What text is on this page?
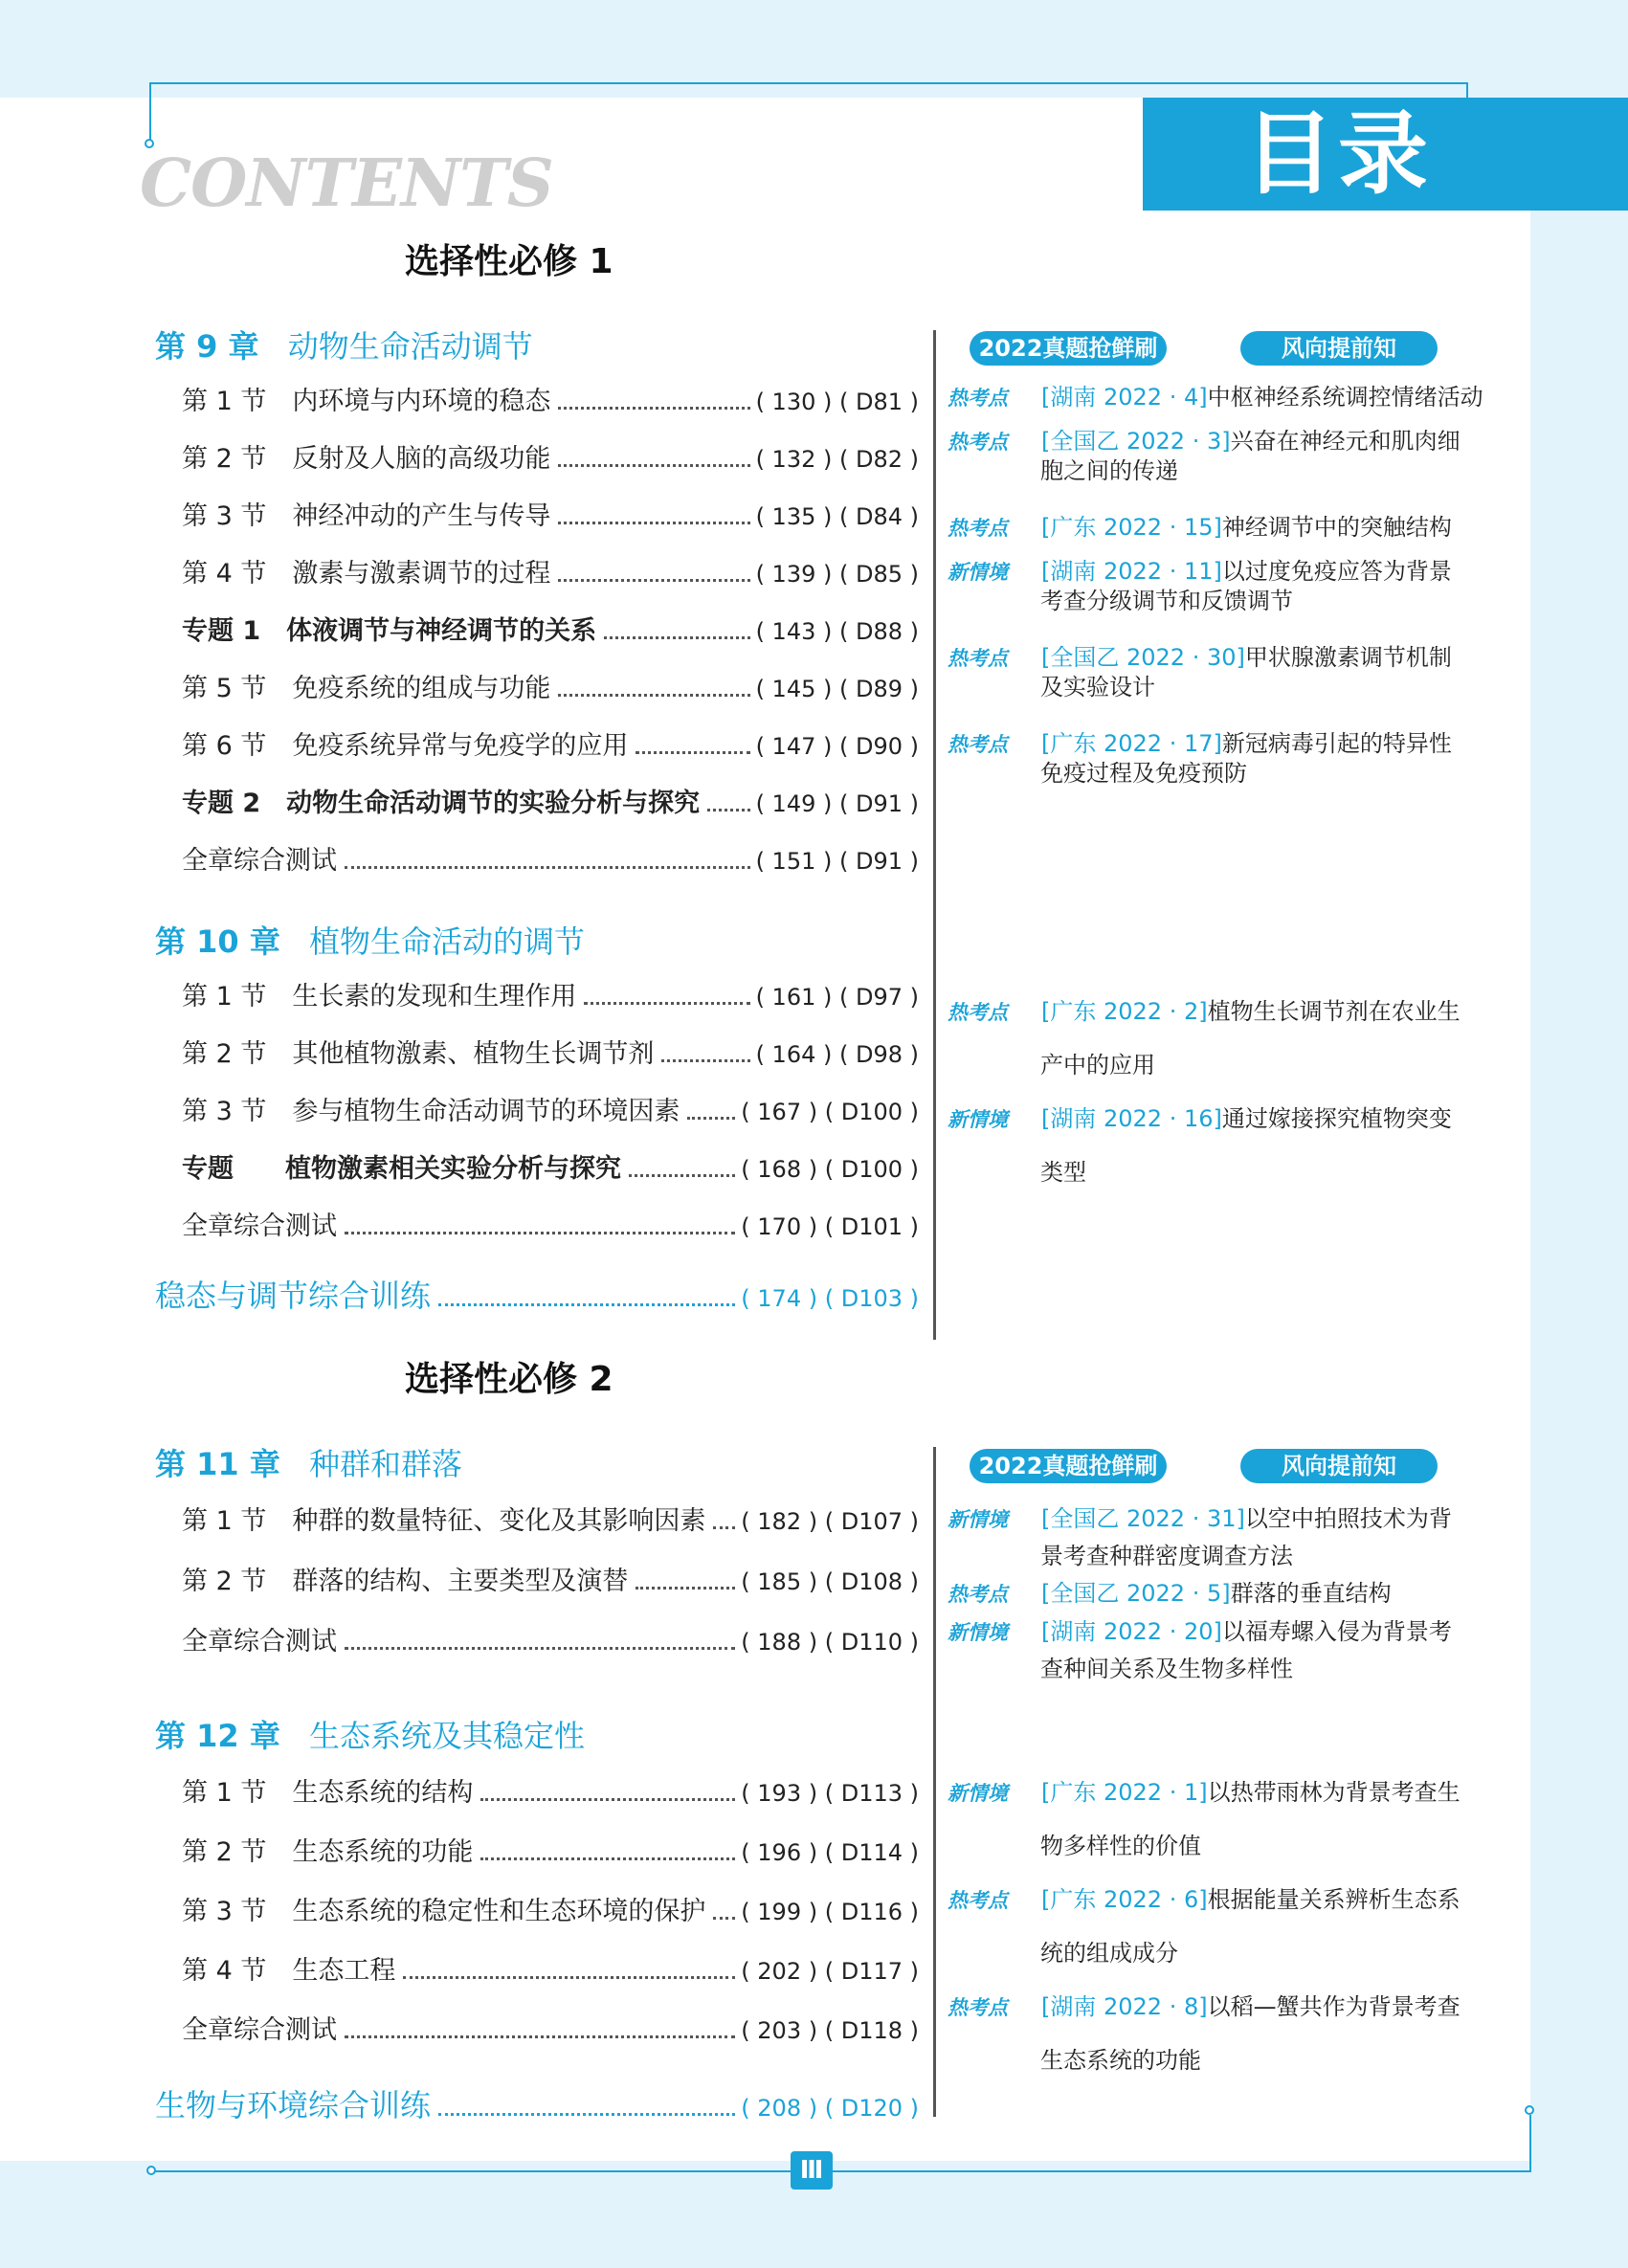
目录
CONTENTS
选择性必修 1
第 9 章 动物生命活动调节
第 1 节　内环境与内环境的稳态	( 130 ) ( D81 )
第 2 节　反射及人脑的高级功能	( 132 ) ( D82 )
第 3 节　神经冲动的产生与传导	( 135 ) ( D84 )
第 4 节　激素与激素调节的过程	( 139 ) ( D85 )
专题 1　体液调节与神经调节的关系	( 143 ) ( D88 )
第 5 节　免疫系统的组成与功能	( 145 ) ( D89 )
第 6 节　免疫系统异常与免疫学的应用	( 147 ) ( D90 )
专题 2　动物生命活动调节的实验分析与探究 ( 149 ) ( D91 )
全章综合测试	( 151 ) ( D91 )
第 10 章 植物生命活动的调节
第 1 节　生长素的发现和生理作用	( 161 ) ( D97 )
第 2 节　其他植物激素、植物生长调节剂	( 164 ) ( D98 )
第 3 节　参与植物生命活动调节的环境因素	( 167 ) ( D100 )
专题　　植物激素相关实验分析与探究	( 168 ) ( D100 )
全章综合测试	( 170 ) ( D101 )
稳态与调节综合训练	( 174 ) ( D103 )
2022真题抢鲜刷	风向提前知
热考点 [湖南 2022 · 4]中枢神经系统调控情绪活动
热考点 [全国乙 2022 · 3]兴奋在神经元和肌肉细
胞之间的传递
热考点 [广东 2022 · 15]神经调节中的突触结构
新情境 [湖南 2022 · 11]以过度免疫应答为背景
考查分级调节和反馈调节
热考点 [全国乙 2022 · 30]甲状腺激素调节机制
及实验设计
热考点 [广东 2022 · 17]新冠病毒引起的特异性
免疫过程及免疫预防
热考点 [广东 2022 · 2]植物生长调节剂在农业生
产中的应用
新情境 [湖南 2022 · 16]通过嫁接探究植物突变
类型
选择性必修 2
第 11 章 种群和群落
第 1 节　种群的数量特征、变化及其影响因素 ( 182 ) ( D107 )
第 2 节　群落的结构、主要类型及演替	( 185 ) ( D108 )
全章综合测试	( 188 ) ( D110 )
第 12 章 生态系统及其稳定性
第 1 节　生态系统的结构	( 193 ) ( D113 )
第 2 节　生态系统的功能	( 196 ) ( D114 )
第 3 节　生态系统的稳定性和生态环境的保护 ( 199 ) ( D116 )
第 4 节　生态工程	( 202 ) ( D117 )
全章综合测试	( 203 ) ( D118 )
生物与环境综合训练	( 208 ) ( D120 )
2022真题抢鲜刷	风向提前知
新情境 [全国乙 2022 · 31]以空中拍照技术为背
景考查种群密度调查方法
热考点 [全国乙 2022 · 5]群落的垂直结构
新情境 [湖南 2022 · 20]以福寿螺入侵为背景考
查种间关系及生物多样性
新情境 [广东 2022 · 1]以热带雨林为背景考查生
物多样性的价值
热考点 [广东 2022 · 6]根据能量关系辨析生态系
统的组成成分
热考点 [湖南 2022 · 8]以稻—蟹共作为背景考查
生态系统的功能
Ⅲ
